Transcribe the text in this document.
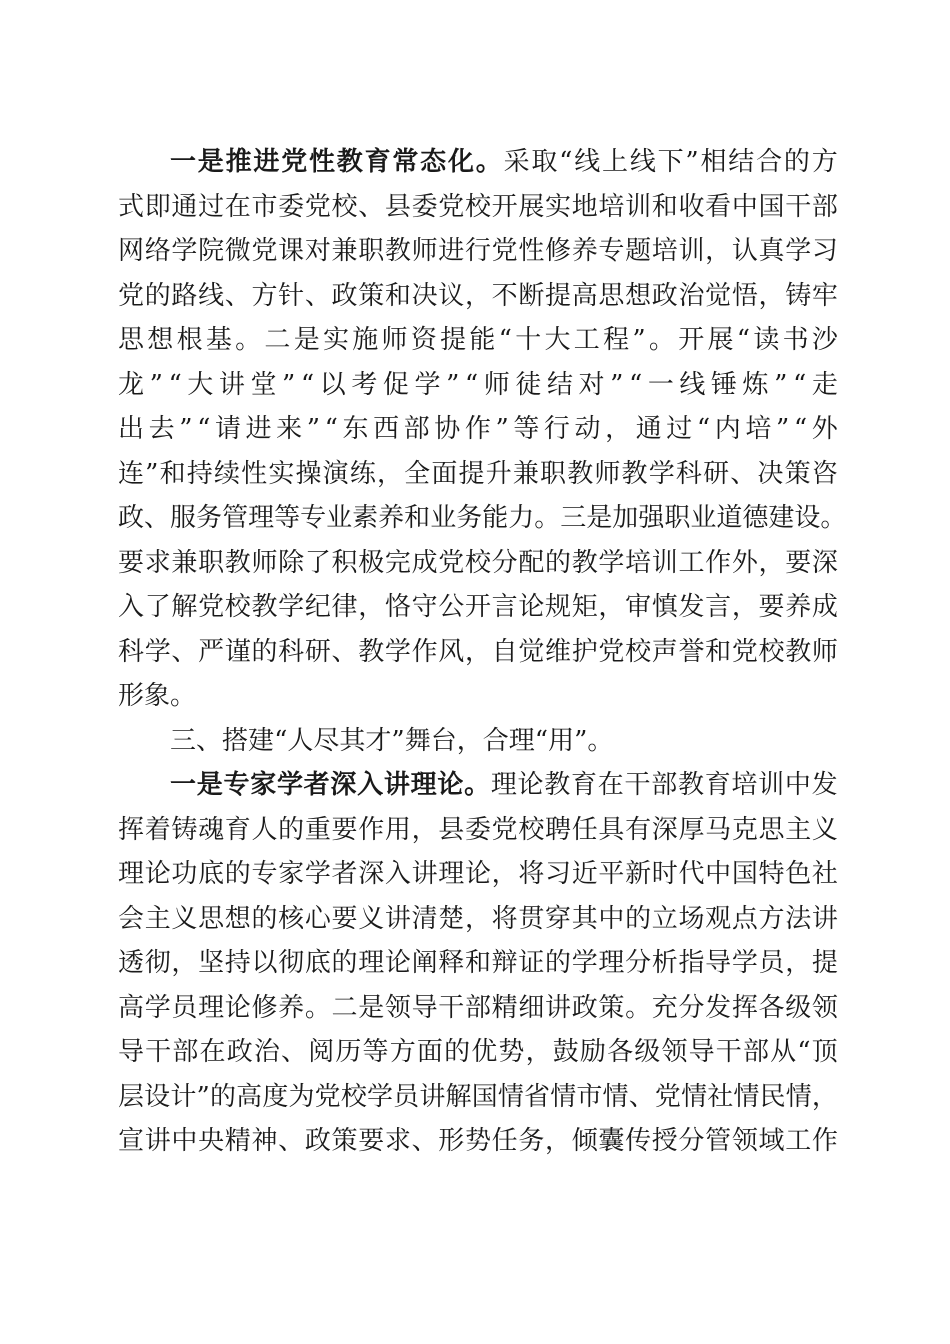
一 是 推 进 党 性 教 育 常 态 化 。 采 取 “ 线 上 线 下 ” 相 结 合 的 方
式 即 通 过 在 市 委 党 校 、 县 委 党 校 开 展 实 地 培 训 和 收 看 中 国 干 部
网 络 学 院 微 党 课 对 兼 职 教 师 进 行 党 性 修 养 专 题 培 训 ， 认 真 学 习
党 的 路 线 、 方 针 、 政 策 和 决 议 ， 不 断 提 高 思 想 政 治 觉 悟 ， 铸 牢
思 想 根 基 。 二 是 实 施 师 资 提 能 “ 十 大 工 程 ” 。 开 展 “ 读 书 沙
龙 ” “ 大 讲 堂 ” “ 以 考 促 学 ” “ 师 徒 结 对 ” “ 一 线 锤 炼 ” “ 走
出 去 ” “ 请 进 来 ” “ 东 西 部 协 作 ” 等 行 动 ， 通 过 “ 内 培 ” “ 外
连 ” 和 持 续 性 实 操 演 练 ， 全 面 提 升 兼 职 教 师 教 学 科 研 、 决 策 咨
政 、 服 务 管 理 等 专 业 素 养 和 业 务 能 力 。 三 是 加 强 职 业 道 德 建 设 。
要 求 兼 职 教 师 除 了 积 极 完 成 党 校 分 配 的 教 学 培 训 工 作 外 ， 要 深
入 了 解 党 校 教 学 纪 律 ， 恪 守 公 开 言 论 规 矩 ， 审 慎 发 言 ， 要 养 成
科 学 、 严 谨 的 科 研 、 教 学 作 风 ， 自 觉 维 护 党 校 声 誉 和 党 校 教 师
形 象 。
三 、 搭 建 “ 人 尽 其 才 ” 舞 台 ， 合 理 “ 用 ” 。
一 是 专 家 学 者 深 入 讲 理 论 。 理 论 教 育 在 干 部 教 育 培 训 中 发
挥 着 铸 魂 育 人 的 重 要 作 用 ， 县 委 党 校 聘 任 具 有 深 厚 马 克 思 主 义
理 论 功 底 的 专 家 学 者 深 入 讲 理 论 ， 将 习 近 平 新 时 代 中 国 特 色 社
会 主 义 思 想 的 核 心 要 义 讲 清 楚 ， 将 贯 穿 其 中 的 立 场 观 点 方 法 讲
透 彻 ， 坚 持 以 彻 底 的 理 论 阐 释 和 辩 证 的 学 理 分 析 指 导 学 员 ， 提
高 学 员 理 论 修 养 。 二 是 领 导 干 部 精 细 讲 政 策 。 充 分 发 挥 各 级 领
导 干 部 在 政 治 、 阅 历 等 方 面 的 优 势 ， 鼓 励 各 级 领 导 干 部 从 “ 顶
层 设 计 ” 的 高 度 为 党 校 学 员 讲 解 国 情 省 情 市 情 、 党 情 社 情 民 情 ，
宣 讲 中 央 精 神 、 政 策 要 求 、 形 势 任 务 ， 倾 囊 传 授 分 管 领 域 工 作
